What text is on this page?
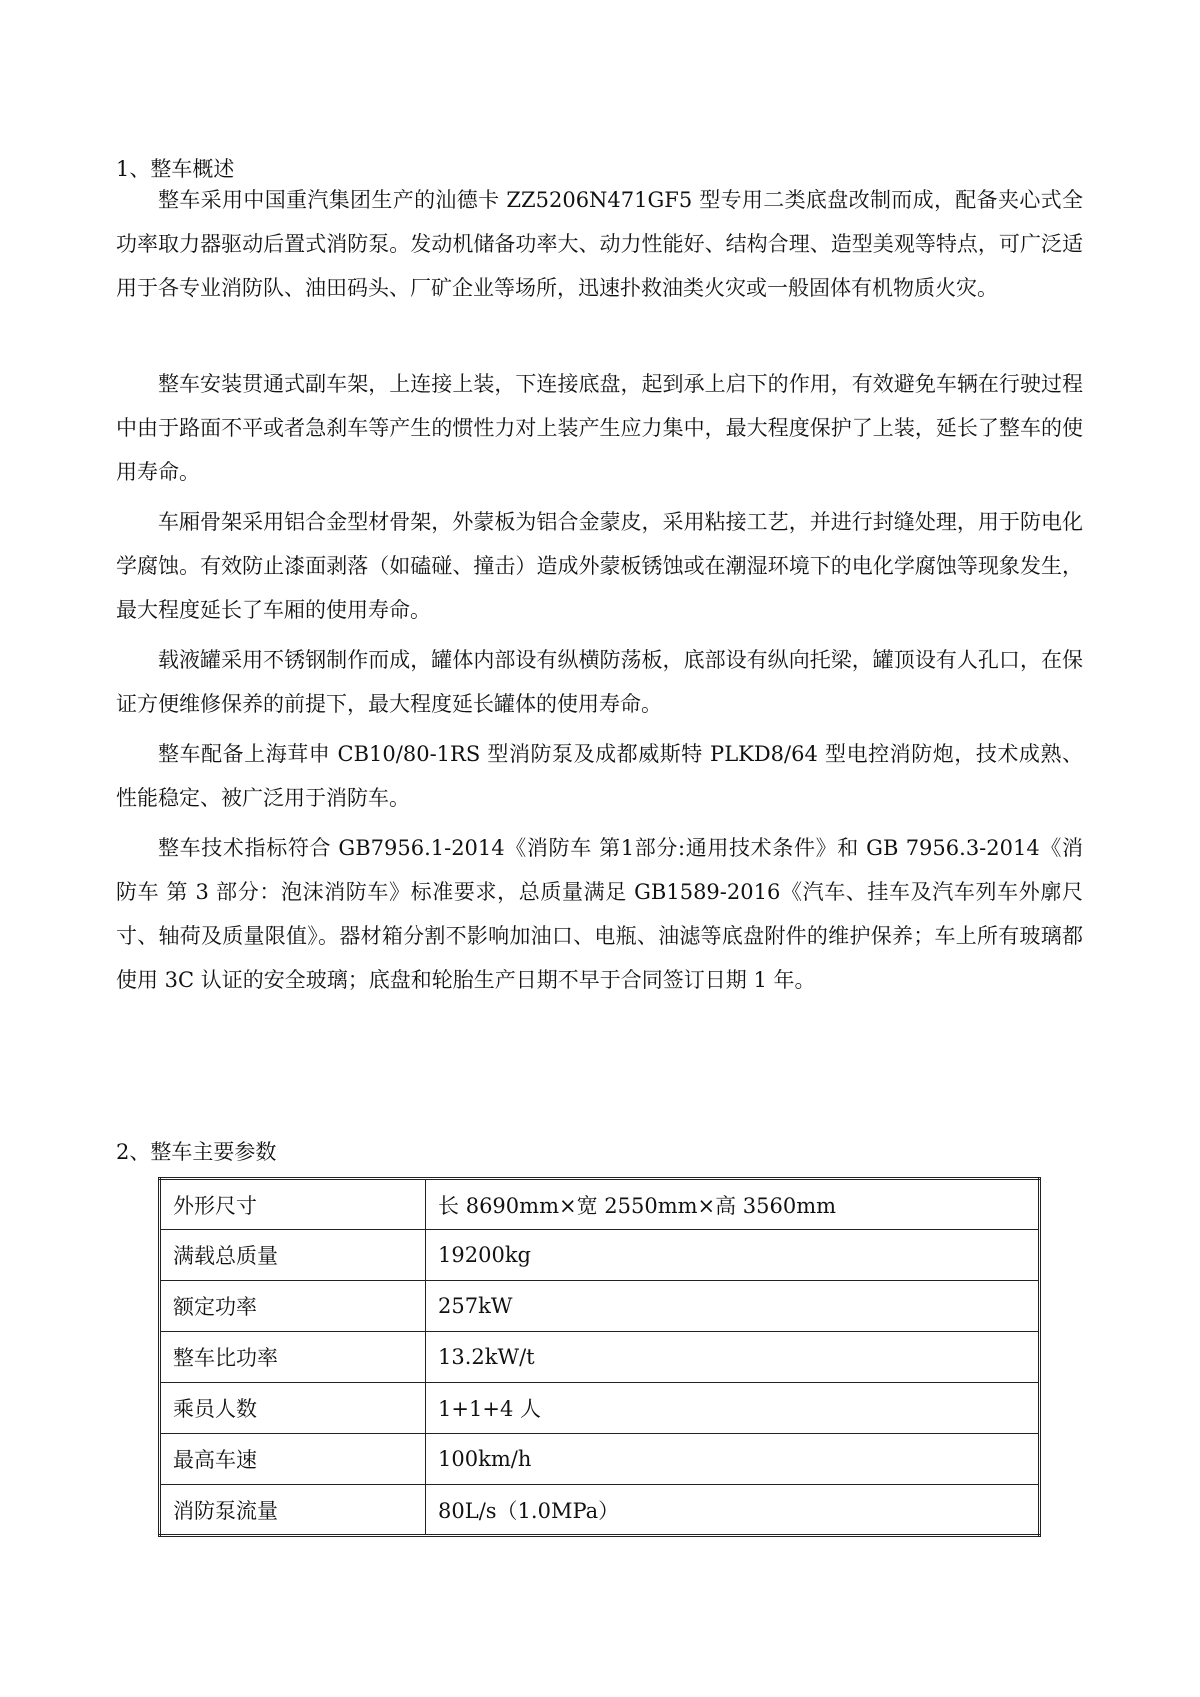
1、整车概述

整车采用中国重汽集团生产的汕德卡 ZZ5206N471GF5 型专用二类底盘改制而成，配备夹心式全功率取力器驱动后置式消防泵。发动机储备功率大、动力性能好、结构合理、造型美观等特点，可广泛适用于各专业消防队、油田码头、厂矿企业等场所，迅速扑救油类火灾或一般固体有机物质火灾。

整车安装贯通式副车架，上连接上装，下连接底盘，起到承上启下的作用，有效避免车辆在行驶过程中由于路面不平或者急刹车等产生的惯性力对上装产生应力集中，最大程度保护了上装，延长了整车的使用寿命。

车厢骨架采用铝合金型材骨架，外蒙板为铝合金蒙皮，采用粘接工艺，并进行封缝处理，用于防电化学腐蚀。有效防止漆面剥落（如磕碰、撞击）造成外蒙板锈蚀或在潮湿环境下的电化学腐蚀等现象发生，最大程度延长了车厢的使用寿命。

载液罐采用不锈钢制作而成，罐体内部设有纵横防荡板，底部设有纵向托梁，罐顶设有人孔口，在保证方便维修保养的前提下，最大程度延长罐体的使用寿命。

整车配备上海茸申 CB10/80-1RS 型消防泵及成都威斯特 PLKD8/64 型电控消防炮，技术成熟、性能稳定、被广泛用于消防车。

整车技术指标符合 GB7956.1-2014《消防车 第1部分:通用技术条件》和 GB 7956.3-2014《消防车 第 3 部分：泡沫消防车》标准要求，总质量满足 GB1589-2016《汽车、挂车及汽车列车外廓尺寸、轴荷及质量限值》。器材箱分割不影响加油口、电瓶、油滤等底盘附件的维护保养；车上所有玻璃都使用 3C 认证的安全玻璃；底盘和轮胎生产日期不早于合同签订日期 1 年。

2、整车主要参数
外形尺寸	长 8690mm×宽 2550mm×高 3560mm
满载总质量	19200kg
额定功率	257kW
整车比功率	13.2kW/t
乘员人数	1+1+4 人
最高车速	100km/h
消防泵流量	80L/s（1.0MPa）
